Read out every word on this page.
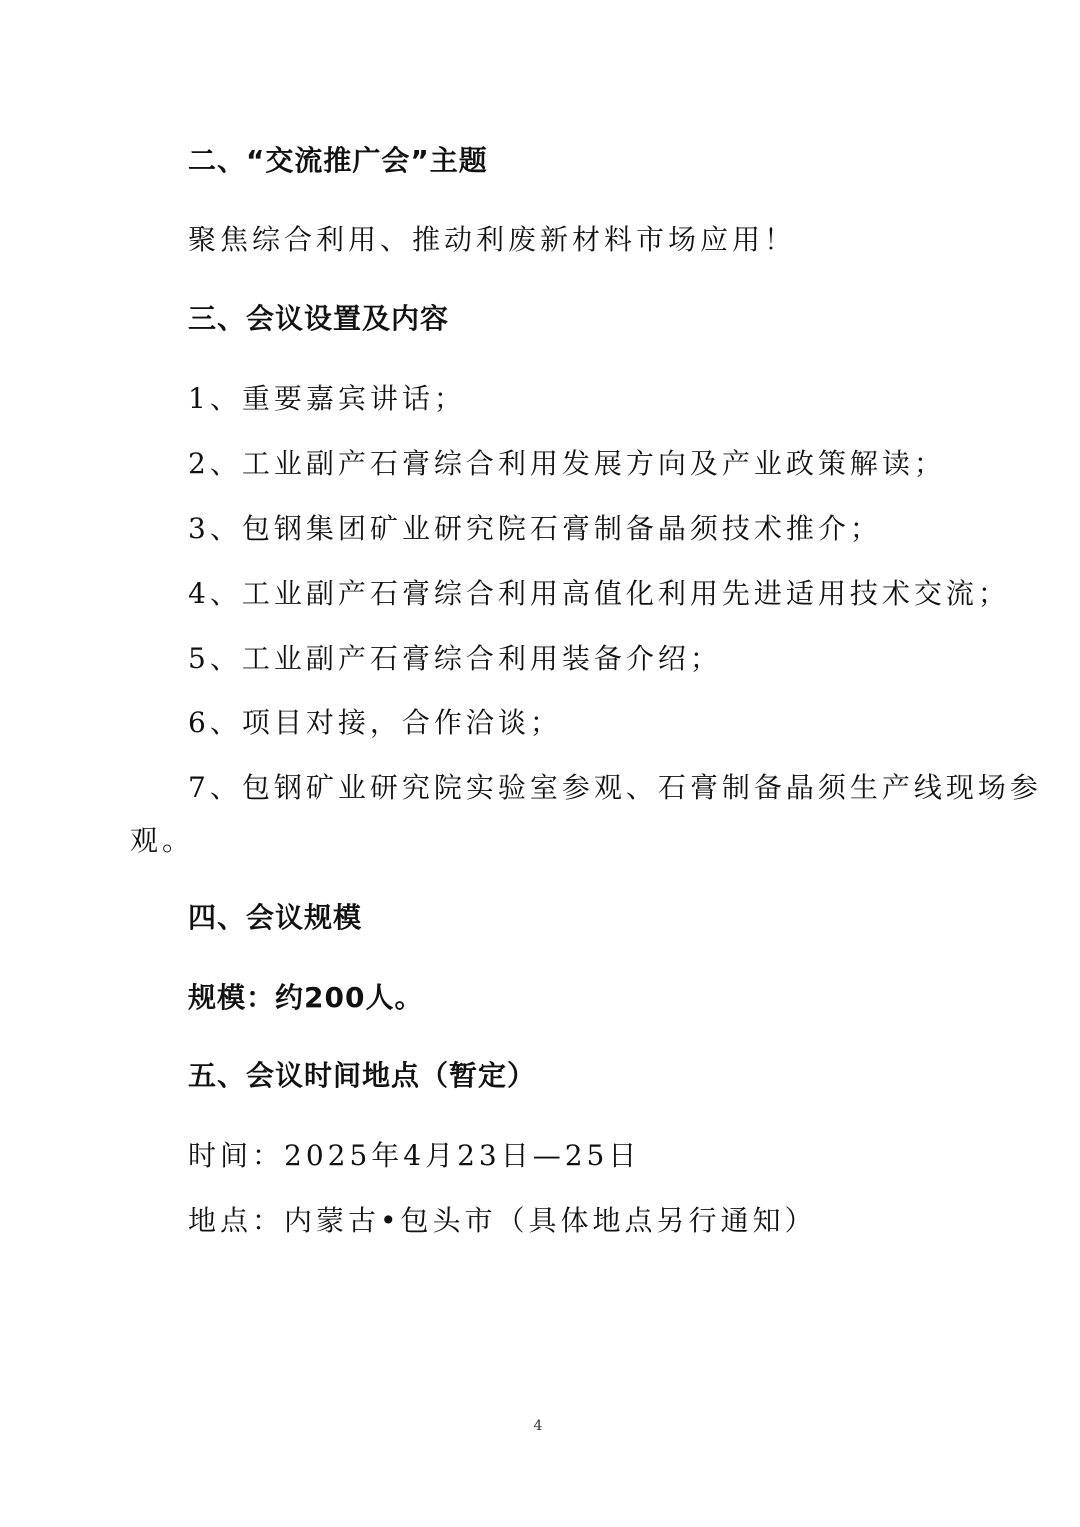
二、“交流推广会”主题
聚焦综合利用、推动利废新材料市场应用！
三、会议设置及内容
1、重要嘉宾讲话；
2、工业副产石膏综合利用发展方向及产业政策解读；
3、包钢集团矿业研究院石膏制备晶须技术推介；
4、工业副产石膏综合利用高值化利用先进适用技术交流；
5、工业副产石膏综合利用装备介绍；
6、项目对接，合作洽谈；
7、包钢矿业研究院实验室参观、石膏制备晶须生产线现场参
观。
四、会议规模
规模：约200人。
五、会议时间地点（暂定）
时间：2025年4月23日—25日
地点：内蒙古•包头市（具体地点另行通知）
4
